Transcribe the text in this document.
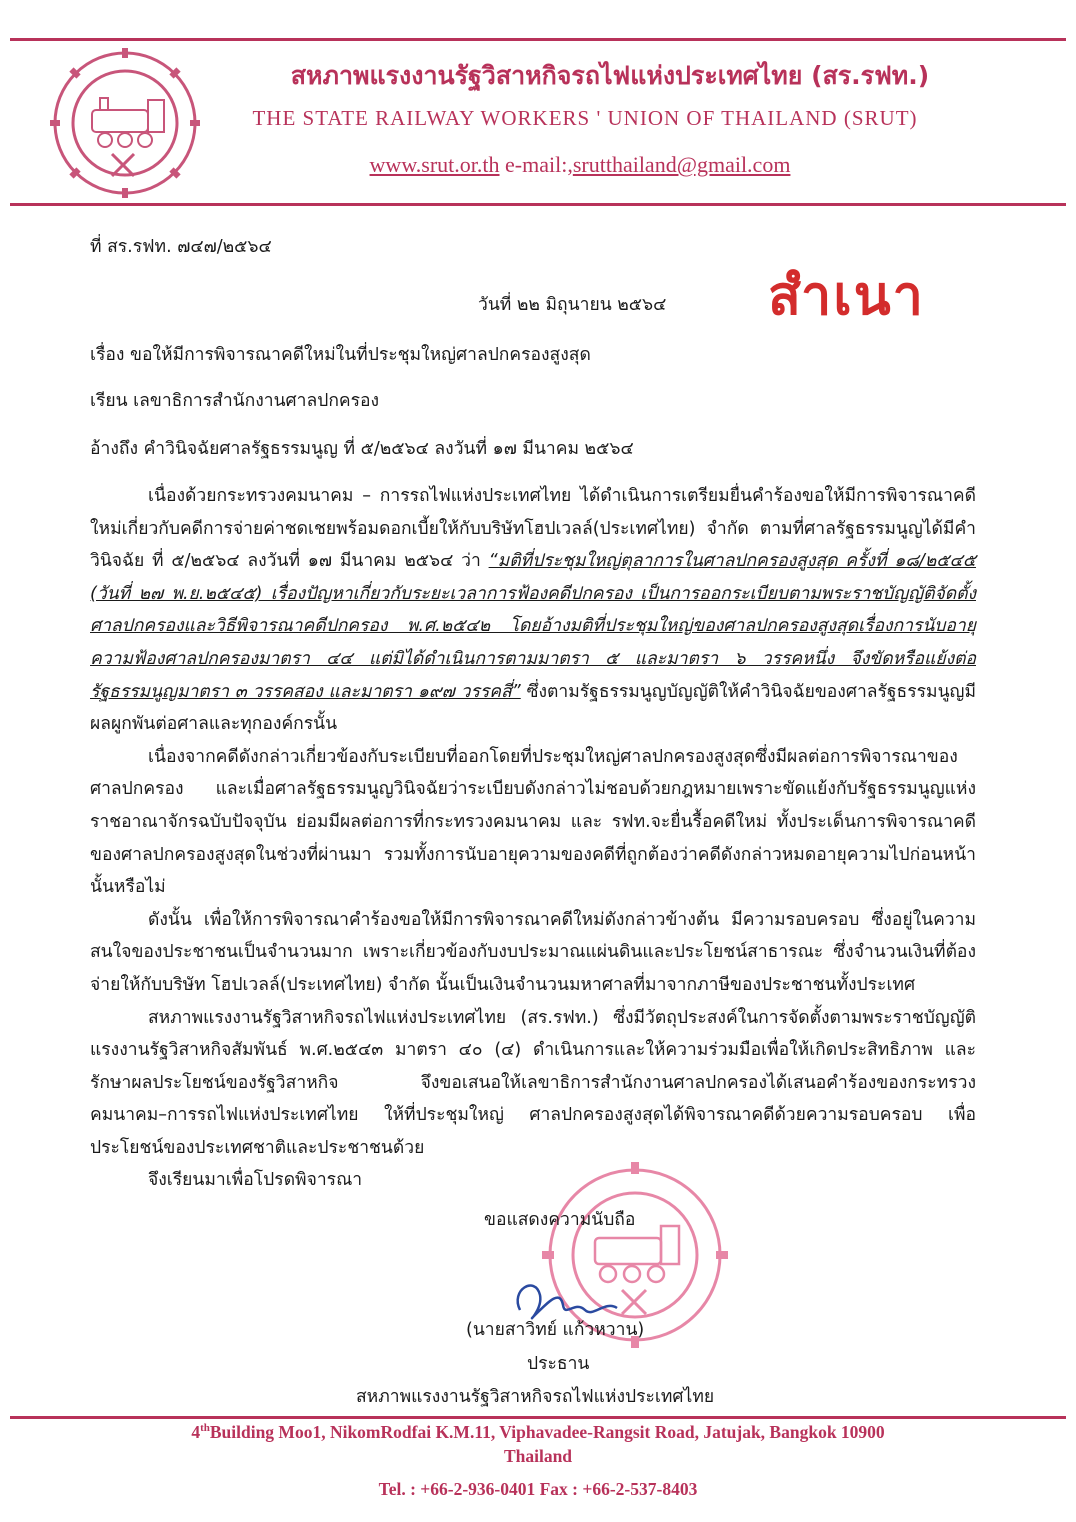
สหภาพแรงงานรัฐวิสาหกิจรถไฟแห่งประเทศไทย (สร.รฟท.)
THE STATE RAILWAY WORKERS ' UNION OF THAILAND (SRUT)
www.srut.or.th e-mail:,srutthailand@gmail.com
ที่ สร.รฟท. ๗๔๗/๒๕๖๔
สำเนา
วันที่ ๒๒ มิถุนายน ๒๕๖๔
เรื่อง ขอให้มีการพิจารณาคดีใหม่ในที่ประชุมใหญ่ศาลปกครองสูงสุด
เรียน เลขาธิการสำนักงานศาลปกครอง
อ้างถึง คำวินิจฉัยศาลรัฐธรรมนูญ ที่ ๕/๒๕๖๔ ลงวันที่ ๑๗ มีนาคม ๒๕๖๔

เนื่องด้วยกระทรวงคมนาคม – การรถไฟแห่งประเทศไทย ได้ดำเนินการเตรียมยื่นคำร้องขอให้มีการพิจารณาคดีใหม่เกี่ยวกับคดีการจ่ายค่าชดเชยพร้อมดอกเบี้ยให้กับบริษัทโฮปเวลล์(ประเทศไทย) จำกัด ตามที่ศาลรัฐธรรมนูญได้มีคำวินิจฉัย ที่ ๕/๒๕๖๔ ลงวันที่ ๑๗ มีนาคม ๒๕๖๔ ว่า “มติที่ประชุมใหญ่ตุลาการในศาลปกครองสูงสุด ครั้งที่ ๑๘/๒๕๔๕ (วันที่ ๒๗ พ.ย.๒๕๔๕) เรื่องปัญหาเกี่ยวกับระยะเวลาการฟ้องคดีปกครอง เป็นการออกระเบียบตามพระราชบัญญัติจัดตั้งศาลปกครองและวิธีพิจารณาคดีปกครอง พ.ศ.๒๕๔๒ โดยอ้างมติที่ประชุมใหญ่ของศาลปกครองสูงสุดเรื่องการนับอายุความฟ้องศาลปกครองมาตรา ๔๔ แต่มิได้ดำเนินการตามมาตรา ๕ และมาตรา ๖ วรรคหนึ่ง จึงขัดหรือแย้งต่อรัฐธรรมนูญมาตรา ๓ วรรคสอง และมาตรา ๑๙๗ วรรคสี่” ซึ่งตามรัฐธรรมนูญบัญญัติให้คำวินิจฉัยของศาลรัฐธรรมนูญมีผลผูกพันต่อศาลและทุกองค์กรนั้น

เนื่องจากคดีดังกล่าวเกี่ยวข้องกับระเบียบที่ออกโดยที่ประชุมใหญ่ศาลปกครองสูงสุดซึ่งมีผลต่อการพิจารณาของศาลปกครอง และเมื่อศาลรัฐธรรมนูญวินิจฉัยว่าระเบียบดังกล่าวไม่ชอบด้วยกฎหมายเพราะขัดแย้งกับรัฐธรรมนูญแห่งราชอาณาจักรฉบับปัจจุบัน ย่อมมีผลต่อการที่กระทรวงคมนาคม และ รฟท.จะยื่นรื้อคดีใหม่ ทั้งประเด็นการพิจารณาคดีของศาลปกครองสูงสุดในช่วงที่ผ่านมา รวมทั้งการนับอายุความของคดีที่ถูกต้องว่าคดีดังกล่าวหมดอายุความไปก่อนหน้านั้นหรือไม่

ดังนั้น เพื่อให้การพิจารณาคำร้องขอให้มีการพิจารณาคดีใหม่ดังกล่าวข้างต้น มีความรอบครอบ ซึ่งอยู่ในความสนใจของประชาชนเป็นจำนวนมาก เพราะเกี่ยวข้องกับงบประมาณแผ่นดินและประโยชน์สาธารณะ ซึ่งจำนวนเงินที่ต้องจ่ายให้กับบริษัท โฮปเวลล์(ประเทศไทย) จำกัด นั้นเป็นเงินจำนวนมหาศาลที่มาจากภาษีของประชาชนทั้งประเทศ

สหภาพแรงงานรัฐวิสาหกิจรถไฟแห่งประเทศไทย (สร.รฟท.) ซึ่งมีวัตถุประสงค์ในการจัดตั้งตามพระราชบัญญัติแรงงานรัฐวิสาหกิจสัมพันธ์ พ.ศ.๒๕๔๓ มาตรา ๔๐ (๔) ดำเนินการและให้ความร่วมมือเพื่อให้เกิดประสิทธิภาพ และรักษาผลประโยชน์ของรัฐวิสาหกิจ จึงขอเสนอให้เลขาธิการสำนักงานศาลปกครองได้เสนอคำร้องของกระทรวงคมนาคม–การรถไฟแห่งประเทศไทย ให้ที่ประชุมใหญ่ ศาลปกครองสูงสุดได้พิจารณาคดีด้วยความรอบครอบ เพื่อประโยชน์ของประเทศชาติและประชาชนด้วย

จึงเรียนมาเพื่อโปรดพิจารณา

ขอแสดงความนับถือ
(นายสาวิทย์ แก้วหวาน)
ประธาน
สหภาพแรงงานรัฐวิสาหกิจรถไฟแห่งประเทศไทย
4thBuilding Moo1, NikomRodfai K.M.11, Viphavadee-Rangsit Road, Jatujak, Bangkok 10900
Thailand
Tel. : +66-2-936-0401 Fax : +66-2-537-8403
